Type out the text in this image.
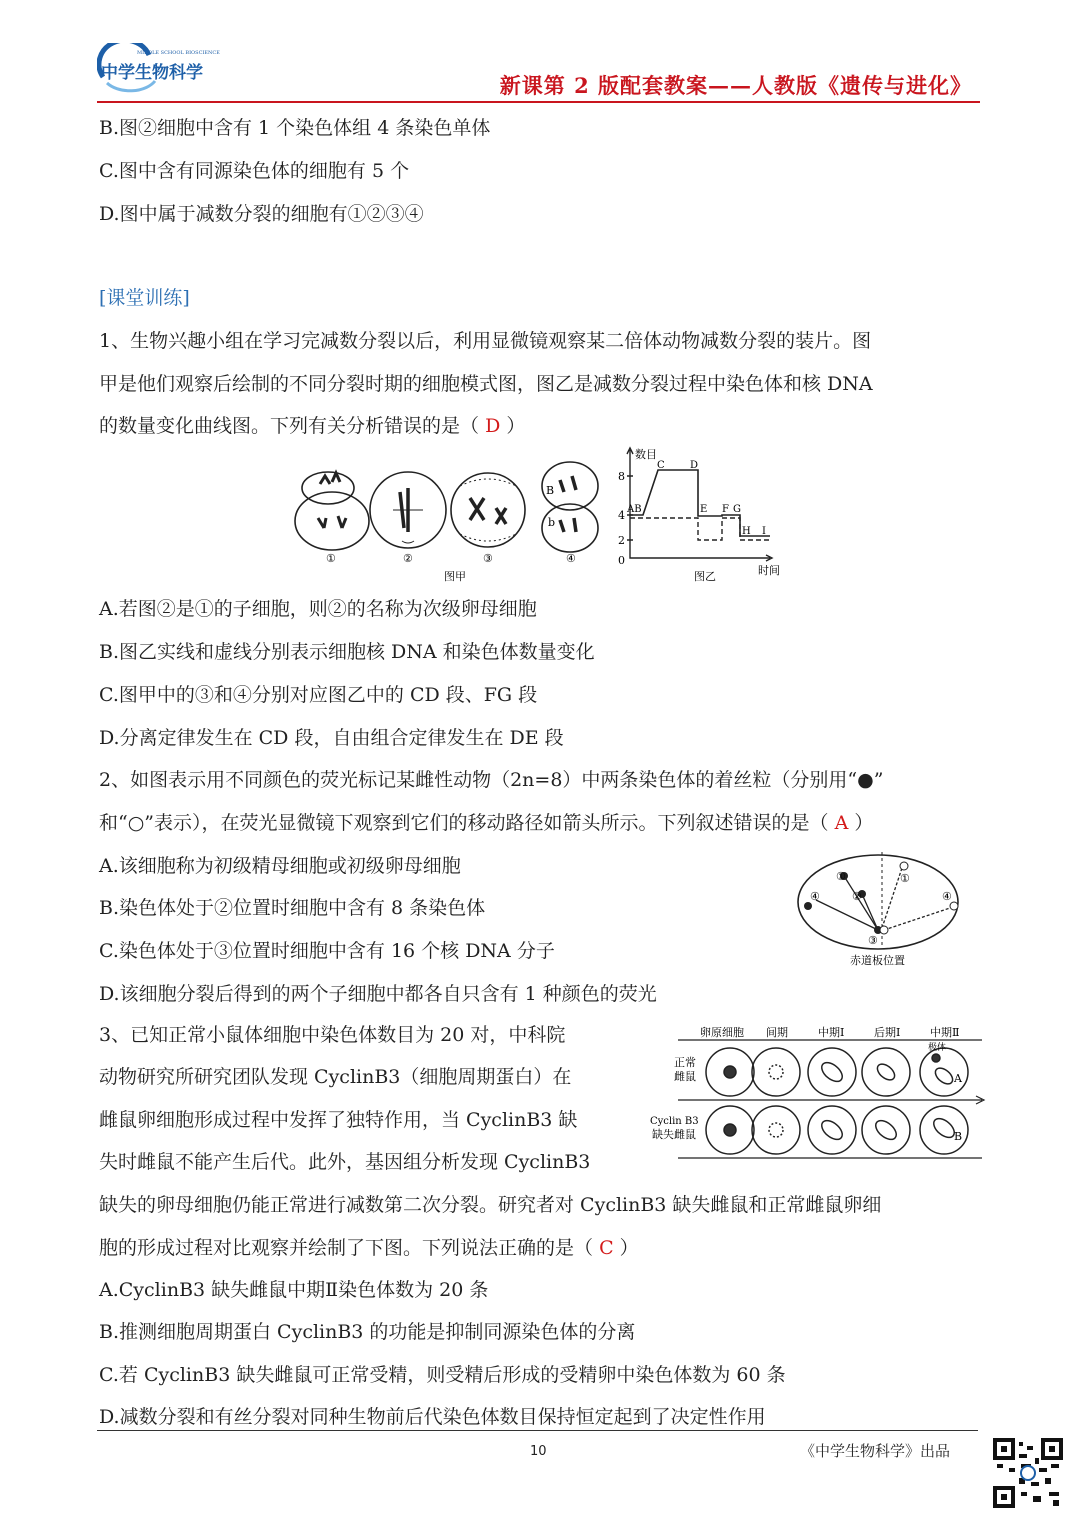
MIDDLE SCHOOL BIOSCIENCE
中学生物科学	新课第 2 版配套教案——人教版《遗传与进化》
B.图②细胞中含有 1 个染色体组 4 条染色单体
C.图中含有同源染色体的细胞有 5 个
D.图中属于减数分裂的细胞有①②③④
[课堂训练]
1、生物兴趣小组在学习完减数分裂以后，利用显微镜观察某二倍体动物减数分裂的装片。图
甲是他们观察后绘制的不同分裂时期的细胞模式图，图乙是减数分裂过程中染色体和核 DNA
的数量变化曲线图。下列有关分析错误的是（ D ）
①	②	③
B
b
④
图甲
数目
8
4
2
0
AB
C	D
E F G
H I
时间
图乙
A.若图②是①的子细胞，则②的名称为次级卵母细胞
B.图乙实线和虚线分别表示细胞核 DNA 和染色体数量变化
C.图甲中的③和④分别对应图乙中的 CD 段、FG 段
D.分离定律发生在 CD 段，自由组合定律发生在 DE 段
2、如图表示用不同颜色的荧光标记某雌性动物（2n=8）中两条染色体的着丝粒（分别用“●”
和“○”表示），在荧光显微镜下观察到它们的移动路径如箭头所示。下列叙述错误的是（ A ）
A.该细胞称为初级精母细胞或初级卵母细胞
B.染色体处于②位置时细胞中含有 8 条染色体
C.染色体处于③位置时细胞中含有 16 个核 DNA 分子
D.该细胞分裂后得到的两个子细胞中都各自只含有 1 种颜色的荧光
①
②
③
④
①
④
赤道板位置
3、已知正常小鼠体细胞中染色体数目为 20 对，中科院
动物研究所研究团队发现 CyclinB3（细胞周期蛋白）在
雌鼠卵细胞形成过程中发挥了独特作用，当 CyclinB3 缺
失时雌鼠不能产生后代。此外，基因组分析发现 CyclinB3
缺失的卵母细胞仍能正常进行减数第二次分裂。研究者对 CyclinB3 缺失雌鼠和正常雌鼠卵细
胞的形成过程对比观察并绘制了下图。下列说法正确的是（ C ）
卵原细胞 间期	中期Ⅰ	后期Ⅰ	中期Ⅱ
正常
雌鼠
Cyclin B3
缺失雌鼠
极体
A
B
A.CyclinB3 缺失雌鼠中期Ⅱ染色体数为 20 条
B.推测细胞周期蛋白 CyclinB3 的功能是抑制同源染色体的分离
C.若 CyclinB3 缺失雌鼠可正常受精，则受精后形成的受精卵中染色体数为 60 条
D.减数分裂和有丝分裂对同种生物前后代染色体数目保持恒定起到了决定性作用
10	《中学生物科学》出品
